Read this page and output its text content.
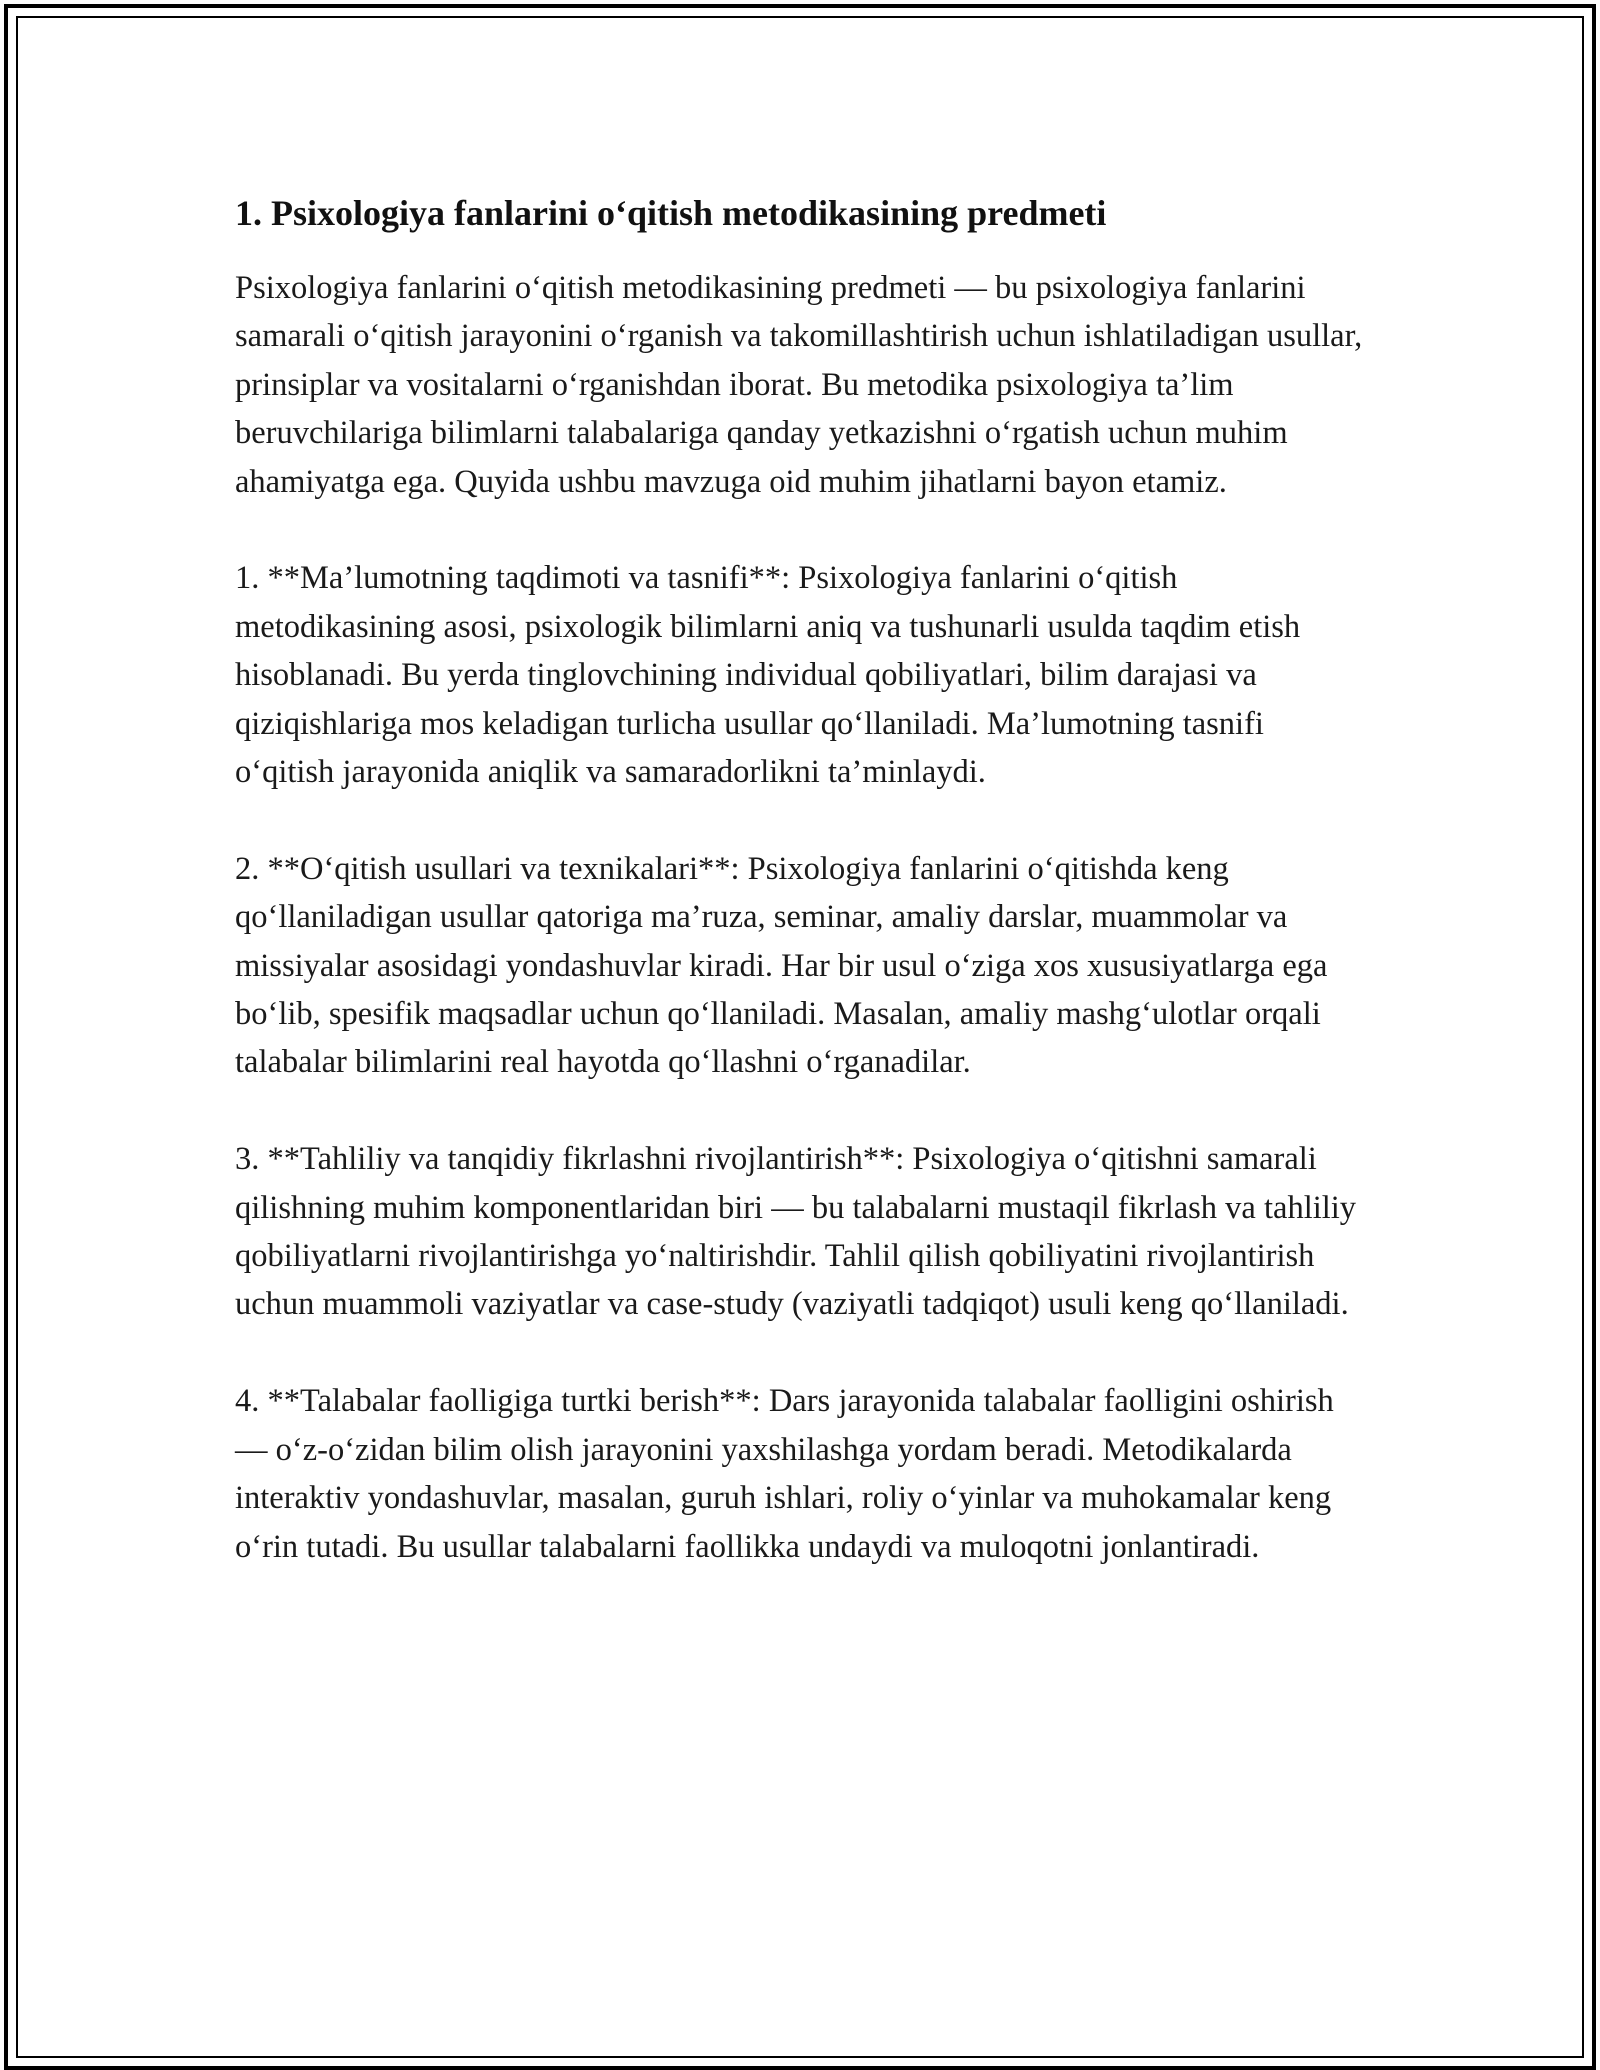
1. Psixologiya fanlarini o‘qitish metodikasining predmeti

Psixologiya fanlarini o‘qitish metodikasining predmeti — bu psixologiya fanlarini samarali o‘qitish jarayonini o‘rganish va takomillashtirish uchun ishlatiladigan usullar, prinsiplar va vositalarni o‘rganishdan iborat. Bu metodika psixologiya ta’lim beruvchilariga bilimlarni talabalariga qanday yetkazishni o‘rgatish uchun muhim ahamiyatga ega. Quyida ushbu mavzuga oid muhim jihatlarni bayon etamiz.

1. **Ma’lumotning taqdimoti va tasnifi**: Psixologiya fanlarini o‘qitish metodikasining asosi, psixologik bilimlarni aniq va tushunarli usulda taqdim etish hisoblanadi. Bu yerda tinglovchining individual qobiliyatlari, bilim darajasi va qiziqishlariga mos keladigan turlicha usullar qo‘llaniladi. Ma’lumotning tasnifi o‘qitish jarayonida aniqlik va samaradorlikni ta’minlaydi.

2. **O‘qitish usullari va texnikalari**: Psixologiya fanlarini o‘qitishda keng qo‘llaniladigan usullar qatoriga ma’ruza, seminar, amaliy darslar, muammolar va missiyalar asosidagi yondashuvlar kiradi. Har bir usul o‘ziga xos xususiyatlarga ega bo‘lib, spesifik maqsadlar uchun qo‘llaniladi. Masalan, amaliy mashg‘ulotlar orqali talabalar bilimlarini real hayotda qo‘llashni o‘rganadilar.

3. **Tahliliy va tanqidiy fikrlashni rivojlantirish**: Psixologiya o‘qitishni samarali qilishning muhim komponentlaridan biri — bu talabalarni mustaqil fikrlash va tahliliy qobiliyatlarni rivojlantirishga yo‘naltirishdir. Tahlil qilish qobiliyatini rivojlantirish uchun muammoli vaziyatlar va case-study (vaziyatli tadqiqot) usuli keng qo‘llaniladi.

4. **Talabalar faolligiga turtki berish**: Dars jarayonida talabalar faolligini oshirish — o‘z-o‘zidan bilim olish jarayonini yaxshilashga yordam beradi. Metodikalarda interaktiv yondashuvlar, masalan, guruh ishlari, roliy o‘yinlar va muhokamalar keng o‘rin tutadi. Bu usullar talabalarni faollikka undaydi va muloqotni jonlantiradi.
